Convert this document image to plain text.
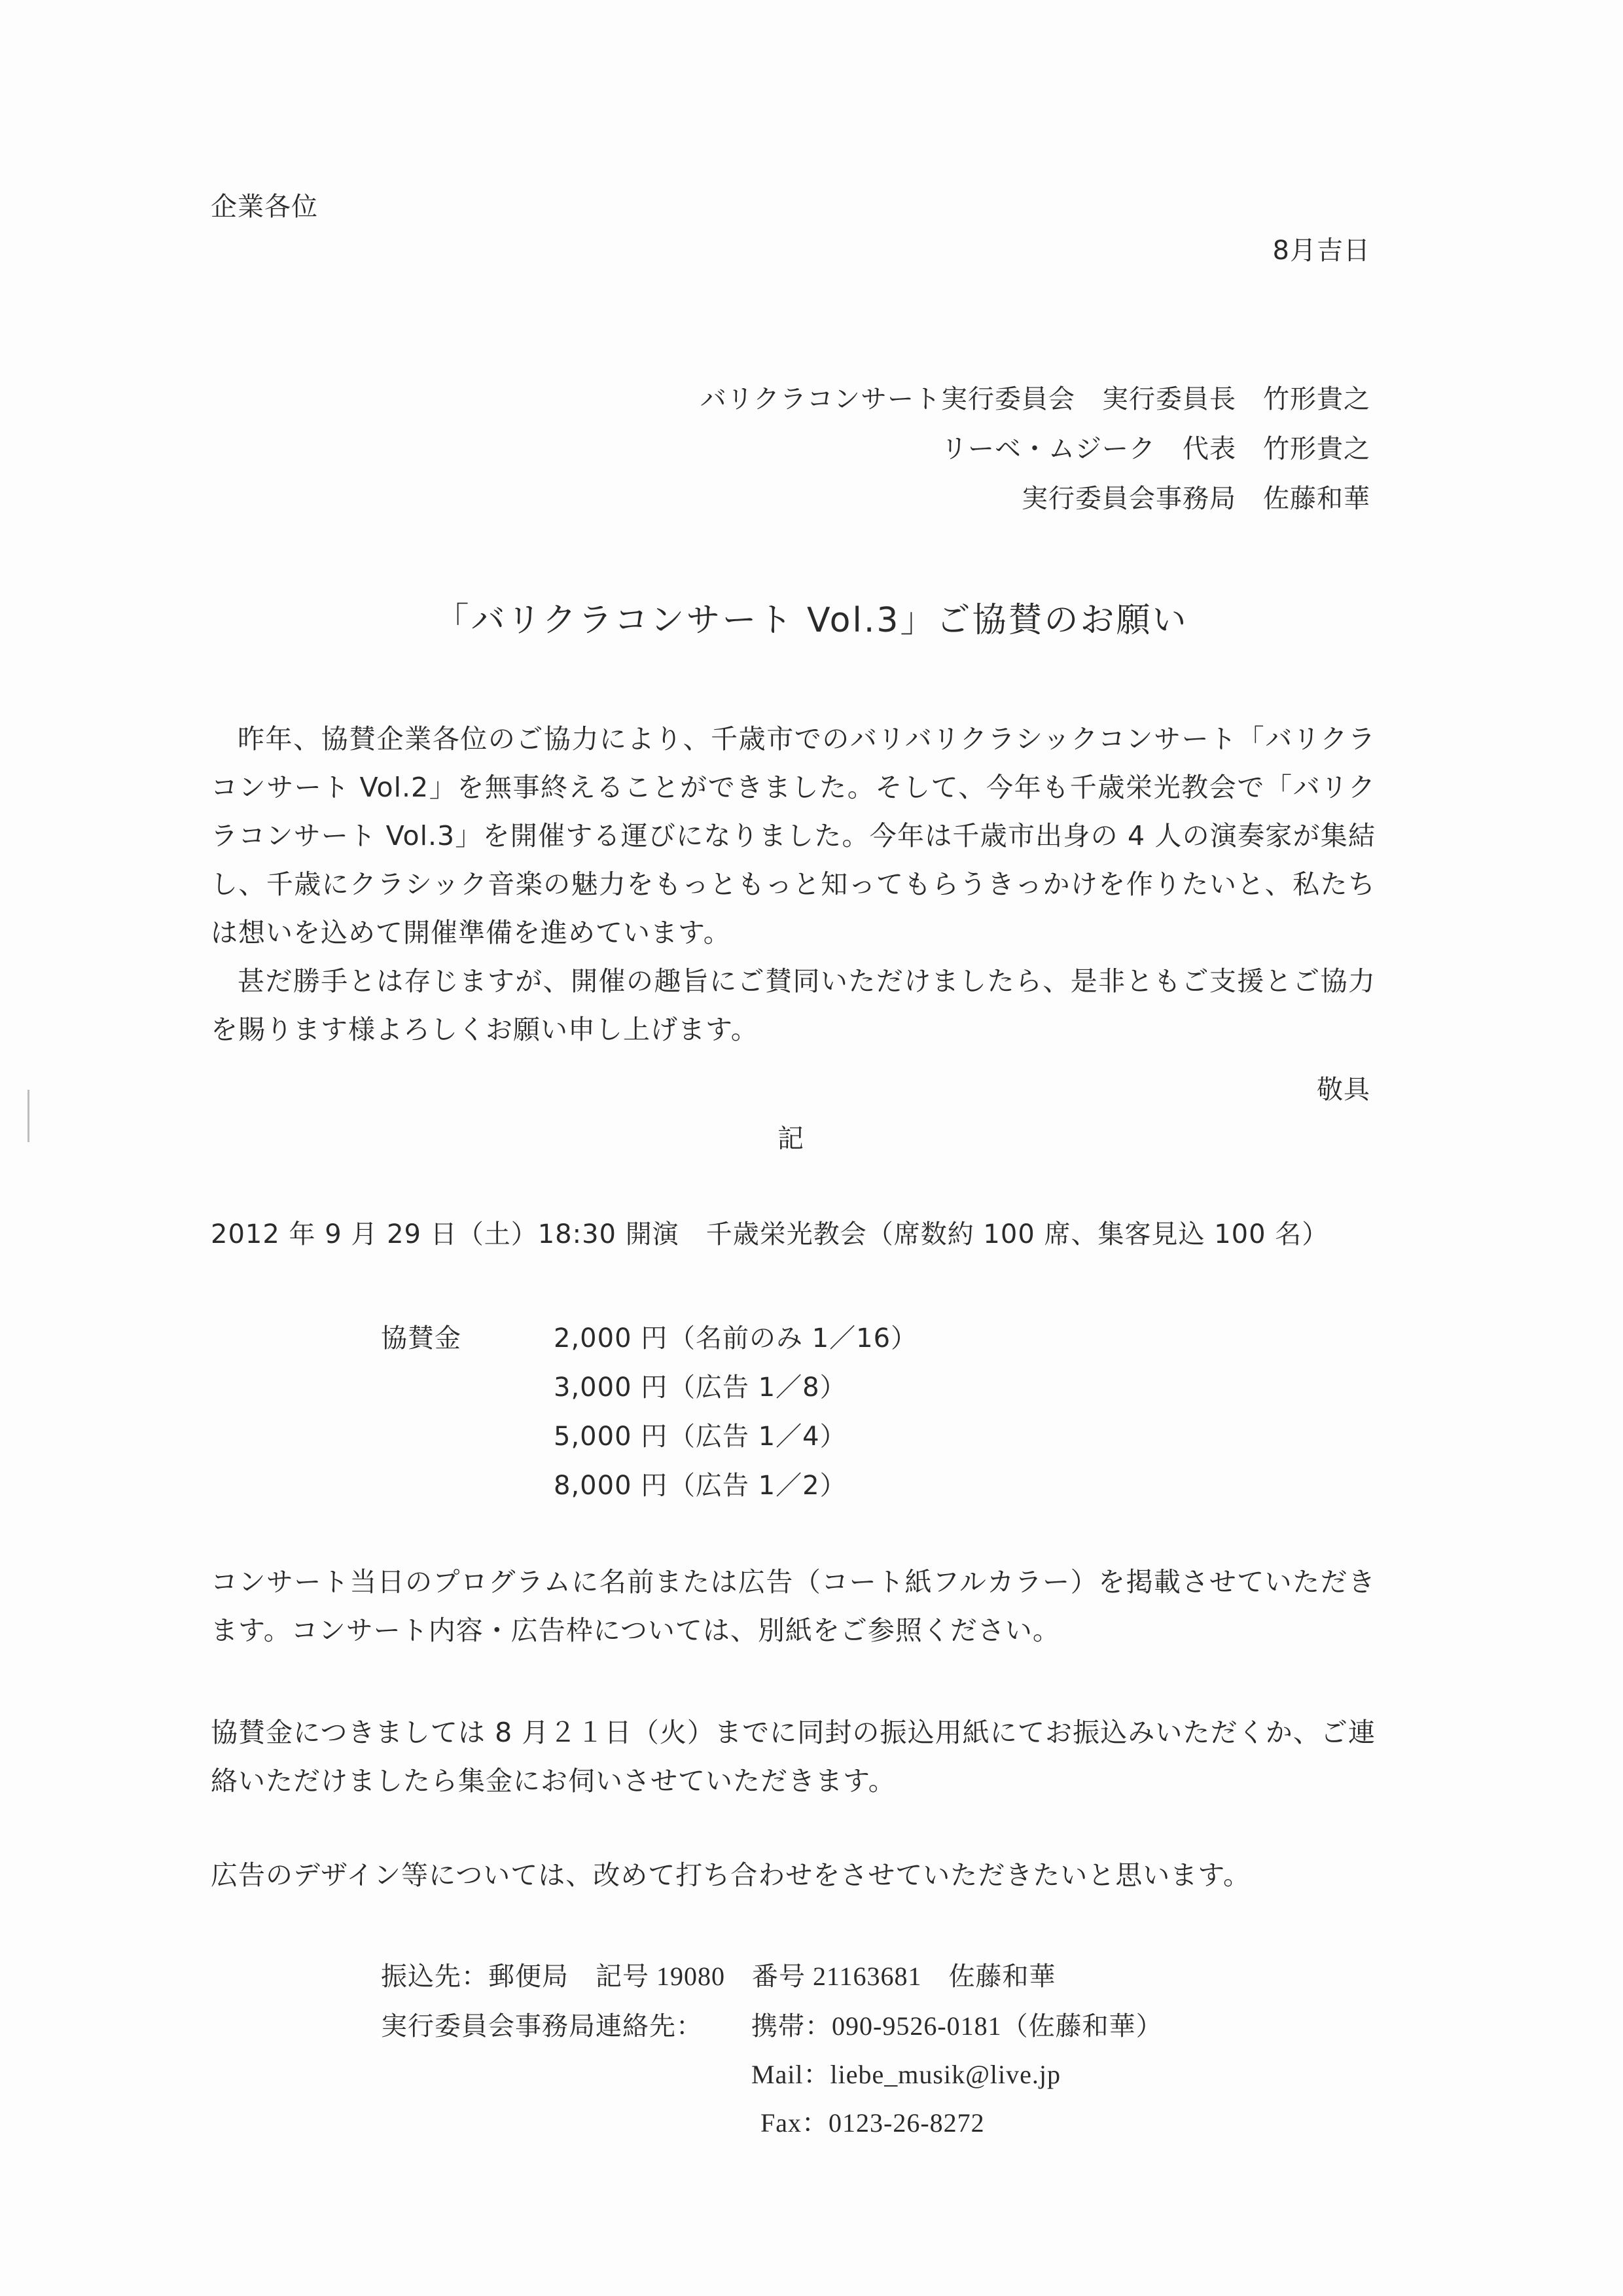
企業各位
8月吉日
バリクラコンサート実行委員会　実行委員長　竹形貴之
リーベ・ムジーク　代表　竹形貴之
実行委員会事務局　佐藤和華
「バリクラコンサート Vol.3」ご協賛のお願い

昨年、協賛企業各位のご協力により、千歳市でのバリバリクラシックコンサート「バリクラコンサート Vol.2」を無事終えることができました。そして、今年も千歳栄光教会で「バリクラコンサート Vol.3」を開催する運びになりました。今年は千歳市出身の 4 人の演奏家が集結し、千歳にクラシック音楽の魅力をもっともっと知ってもらうきっかけを作りたいと、私たちは想いを込めて開催準備を進めています。

甚だ勝手とは存じますが、開催の趣旨にご賛同いただけましたら、是非ともご支援とご協力を賜ります様よろしくお願い申し上げます。

敬具
記
2012 年 9 月 29 日（土）18:30 開演　千歳栄光教会（席数約 100 席、集客見込 100 名）
協賛金	2,000 円 （名前のみ 1／16）
3,000 円 （広告 1／8）
5,000 円 （広告 1／4）
8,000 円 （広告 1／2）

コンサート当日のプログラムに名前または広告（コート紙フルカラー）を掲載させていただきます。コンサート内容・広告枠については、別紙をご参照ください。

協賛金につきましては 8 月２１日（火）までに同封の振込用紙にてお振込みいただくか、ご連絡いただけましたら集金にお伺いさせていただきます。

広告のデザイン等については、改めて打ち合わせをさせていただきたいと思います。

振込先：郵便局　記号 19080　番号 21163681　佐藤和華
実行委員会事務局連絡先： 携帯：090-9526-0181（佐藤和華）
Mail：liebe_musik@live.jp
Fax：0123-26-8272
